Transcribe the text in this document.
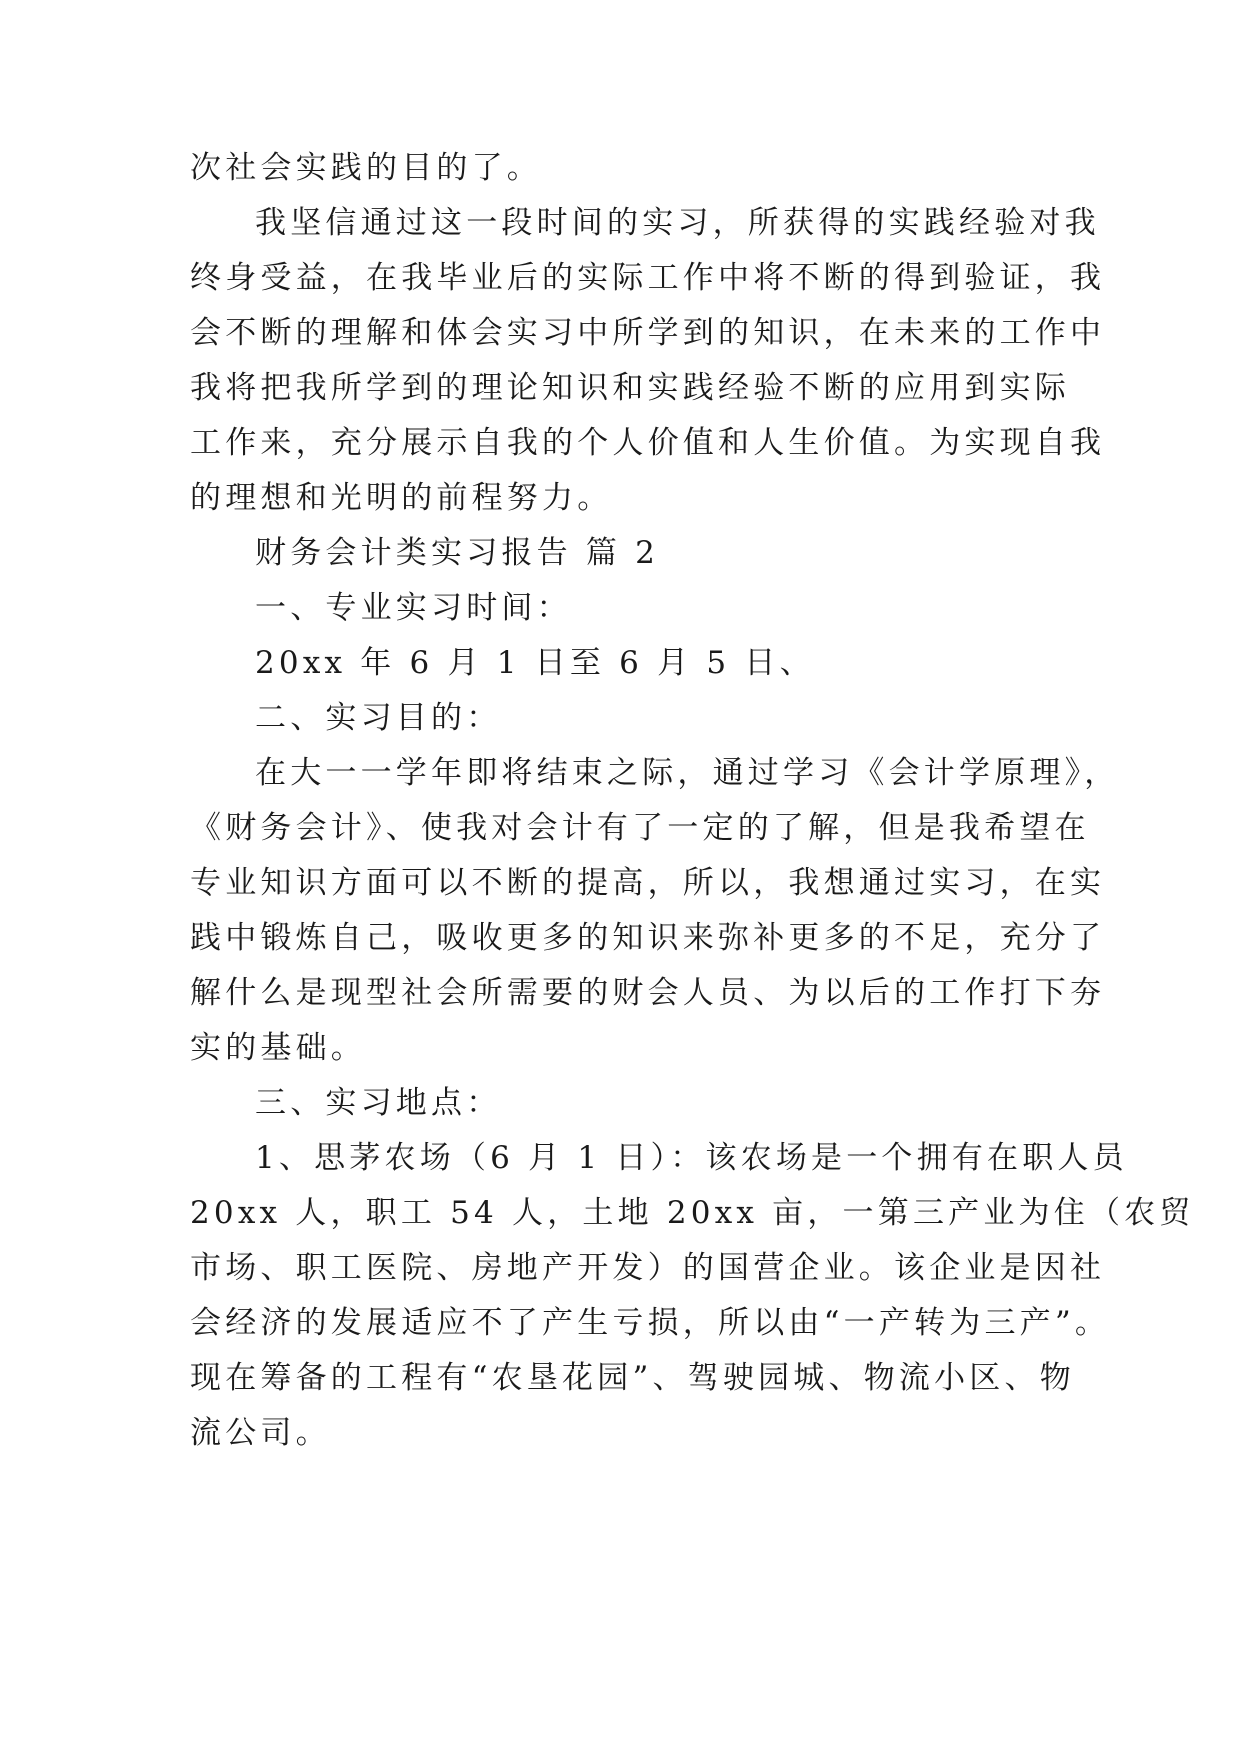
次社会实践的目的了。
我坚信通过这一段时间的实习，所获得的实践经验对我
终身受益，在我毕业后的实际工作中将不断的得到验证，我
会不断的理解和体会实习中所学到的知识，在未来的工作中
我将把我所学到的理论知识和实践经验不断的应用到实际
工作来，充分展示自我的个人价值和人生价值。为实现自我
的理想和光明的前程努力。
财务会计类实习报告 篇 2
一、专业实习时间：
20xx 年 6 月 1 日至 6 月 5 日、
二、实习目的：
在大一一学年即将结束之际，通过学习《会计学原理》，
《财务会计》、使我对会计有了一定的了解，但是我希望在
专业知识方面可以不断的提高，所以，我想通过实习，在实
践中锻炼自己，吸收更多的知识来弥补更多的不足，充分了
解什么是现型社会所需要的财会人员、为以后的工作打下夯
实的基础。
三、实习地点：
1、思茅农场（6 月 1 日）：该农场是一个拥有在职人员
20xx 人，职工 54 人，土地 20xx 亩，一第三产业为住（农贸
市场、职工医院、房地产开发）的国营企业。该企业是因社
会经济的发展适应不了产生亏损，所以由“一产转为三产”。
现在筹备的工程有“农垦花园”、驾驶园城、物流小区、物
流公司。
